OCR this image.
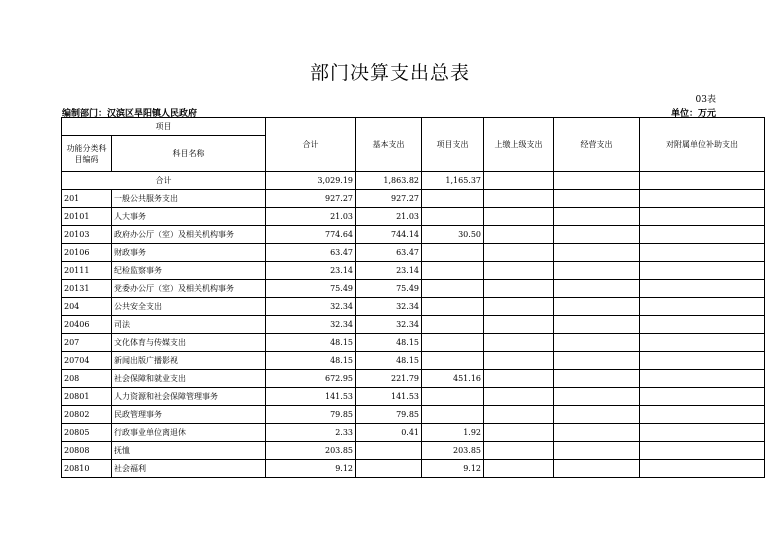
部门决算支出总表
03表
编制部门：汉滨区旱阳镇人民政府	单位：万元
项目		合计	基本支出	项目支出	上缴上级支出	经营支出	对附属单位补助支出
功能分类科目编码	科目名称						
合计		3,029.19	1,863.82	1,165.37			
201	一般公共服务支出	927.27	927.27				
20101	人大事务	21.03	21.03				
20103	政府办公厅（室）及相关机构事务	774.64	744.14	30.50			
20106	财政事务	63.47	63.47				
20111	纪检监察事务	23.14	23.14				
20131	党委办公厅（室）及相关机构事务	75.49	75.49				
204	公共安全支出	32.34	32.34				
20406	司法	32.34	32.34				
207	文化体育与传媒支出	48.15	48.15				
20704	新闻出版广播影视	48.15	48.15				
208	社会保障和就业支出	672.95	221.79	451.16			
20801	人力资源和社会保障管理事务	141.53	141.53				
20802	民政管理事务	79.85	79.85				
20805	行政事业单位离退休	2.33	0.41	1.92			
20808	抚恤	203.85		203.85			
20810	社会福利	9.12		9.12			
